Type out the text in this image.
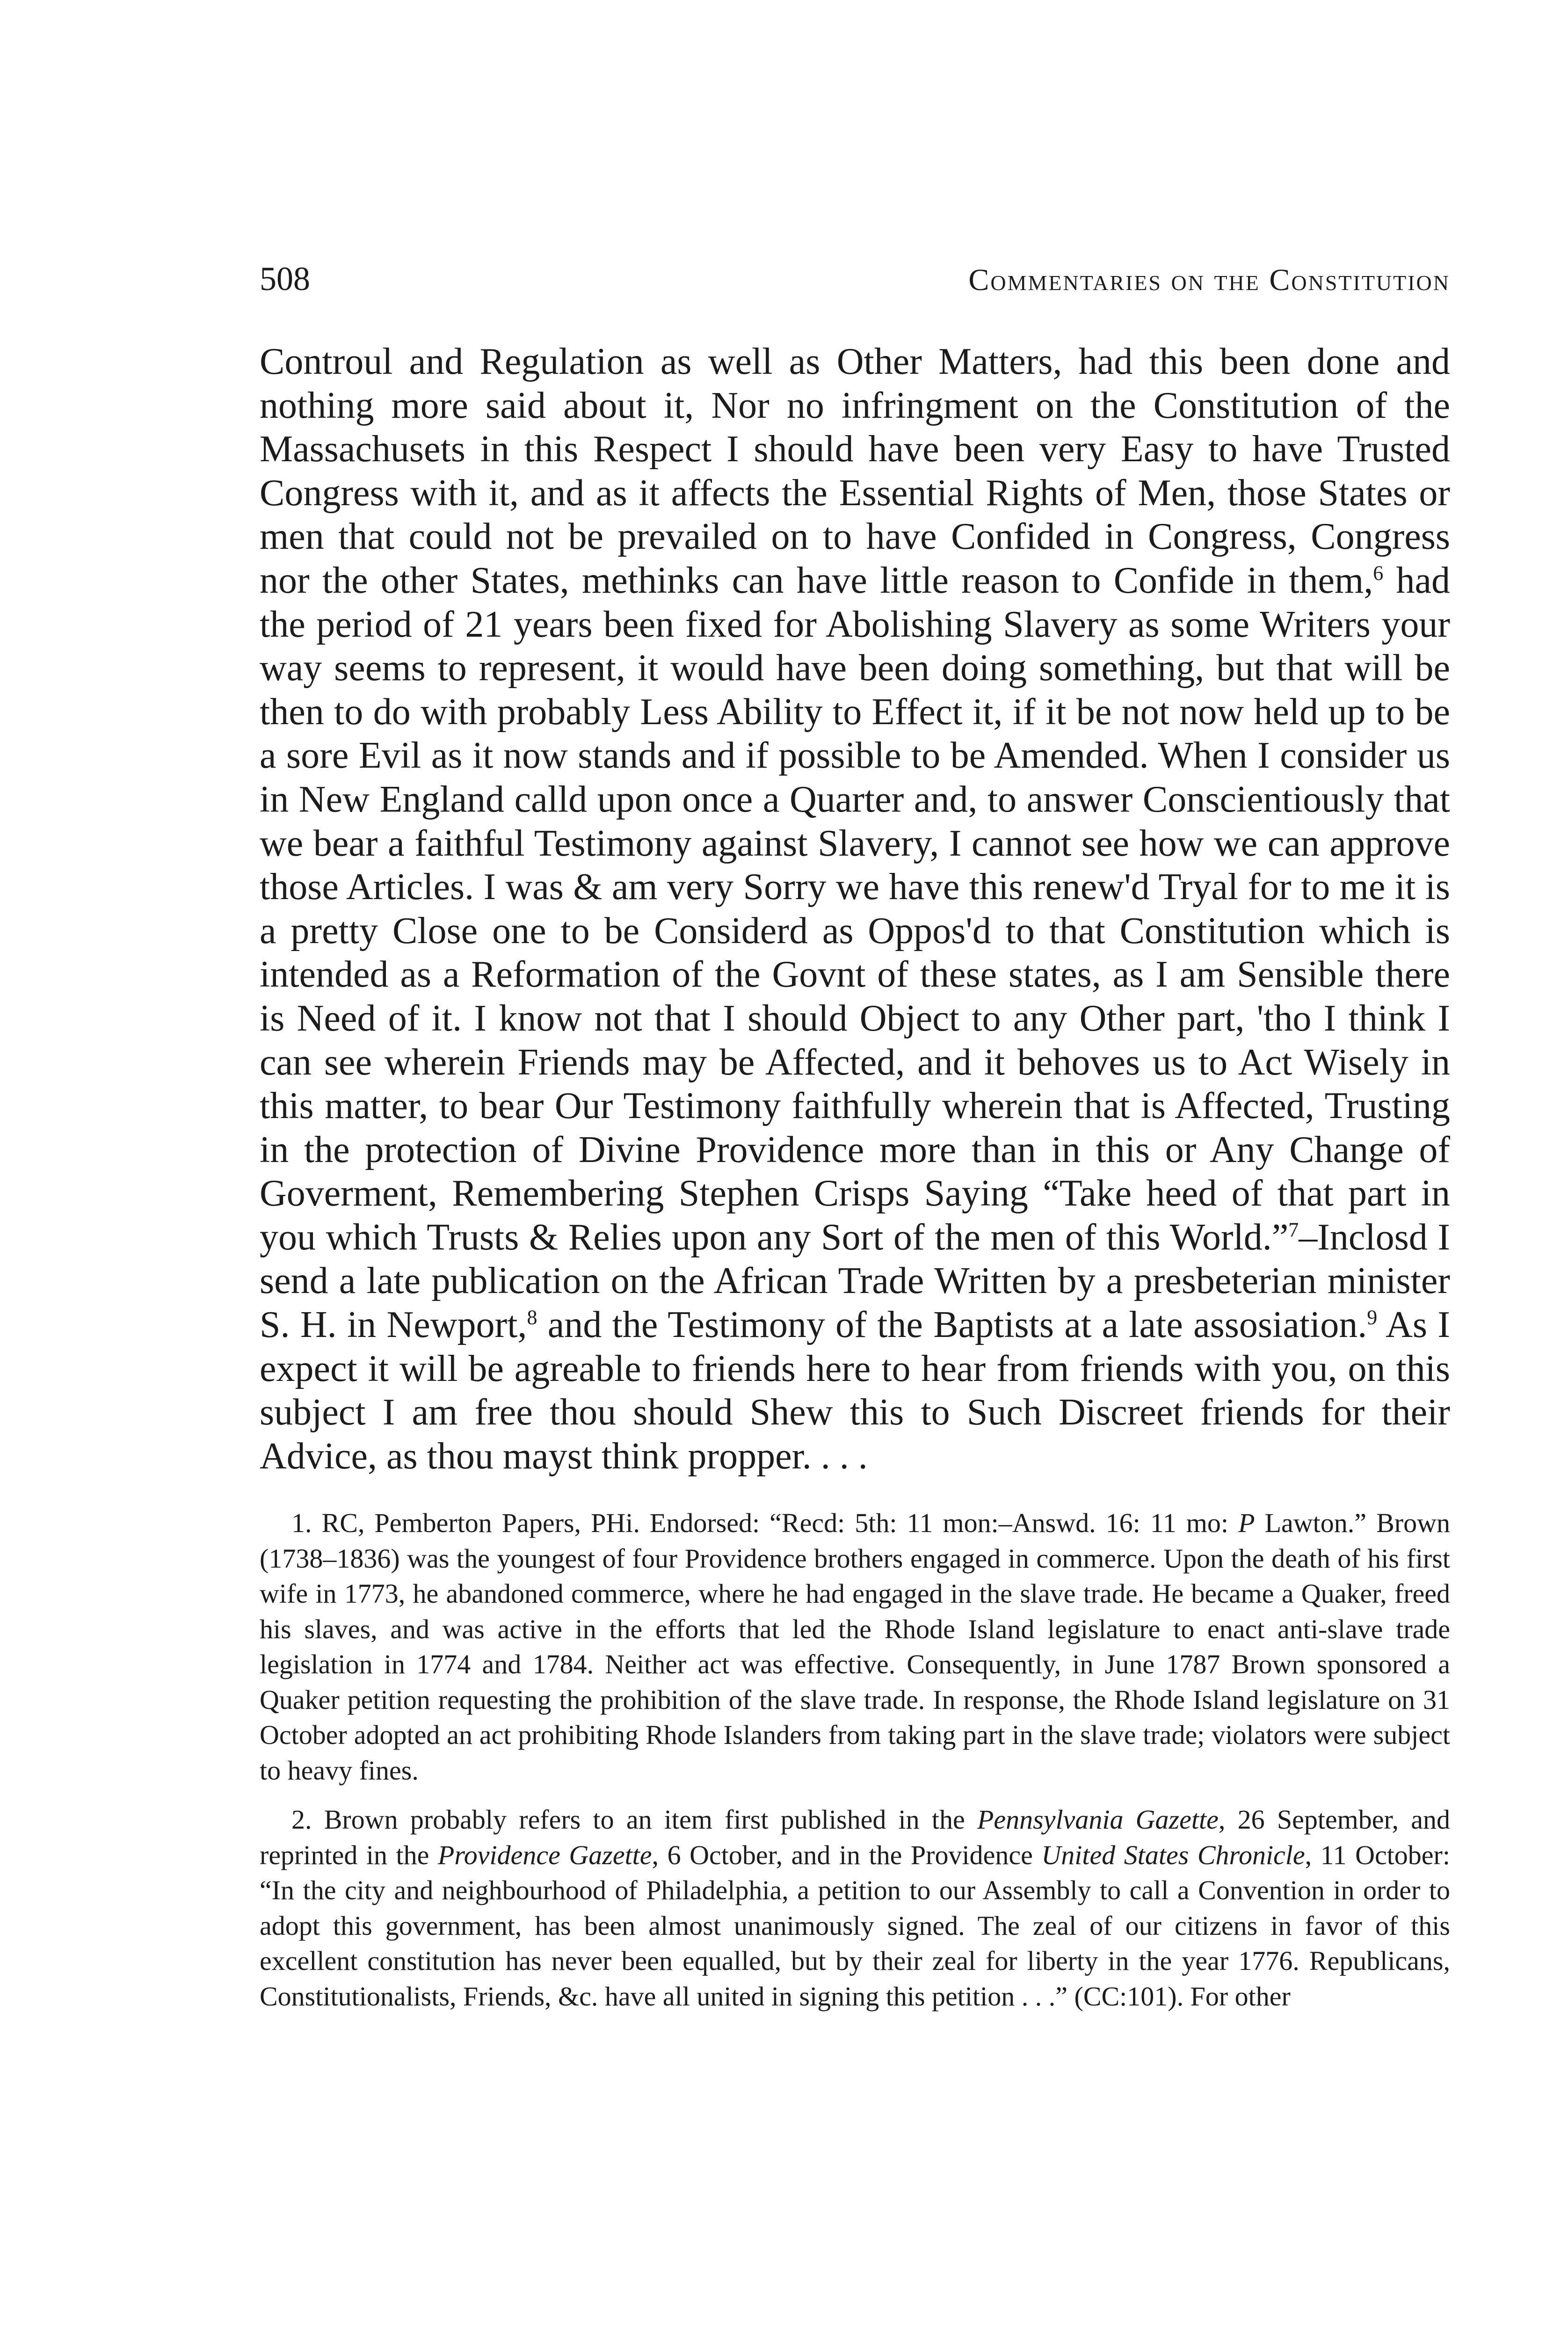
508	Commentaries on the Constitution

Controul and Regulation as well as Other Matters, had this been done and nothing more said about it, Nor no infringment on the Constitution of the Massachusets in this Respect I should have been very Easy to have Trusted Congress with it, and as it affects the Essential Rights of Men, those States or men that could not be prevailed on to have Confided in Congress, Congress nor the other States, methinks can have little reason to Confide in them,$^6$ had the period of 21 years been fixed for Abolishing Slavery as some Writers your way seems to represent, it would have been doing something, but that will be then to do with probably Less Ability to Effect it, if it be not now held up to be a sore Evil as it now stands and if possible to be Amended. When I consider us in New England calld upon once a Quarter and, to answer Conscientiously that we bear a faithful Testimony against Slavery, I cannot see how we can approve those Articles. I was & am very Sorry we have this renew'd Tryal for to me it is a pretty Close one to be Considerd as Oppos'd to that Constitution which is intended as a Reformation of the Govnt of these states, as I am Sensible there is Need of it. I know not that I should Object to any Other part, 'tho I think I can see wherein Friends may be Affected, and it behoves us to Act Wisely in this matter, to bear Our Testimony faithfully wherein that is Affected, Trusting in the protection of Divine Providence more than in this or Any Change of Goverment, Remembering Stephen Crisps Saying “Take heed of that part in you which Trusts & Relies upon any Sort of the men of this World.”$^7$–Inclosd I send a late publication on the African Trade Written by a presbeterian minister S. H. in Newport,$^8$ and the Testimony of the Baptists at a late assosiation.$^9$ As I expect it will be agreable to friends here to hear from friends with you, on this subject I am free thou should Shew this to Such Discreet friends for their Advice, as thou mayst think propper. . . .

1. RC, Pemberton Papers, PHi. Endorsed: “Recd: 5th: 11 mon:–Answd. 16: 11 mo: P Lawton.” Brown (1738–1836) was the youngest of four Providence brothers engaged in commerce. Upon the death of his first wife in 1773, he abandoned commerce, where he had engaged in the slave trade. He became a Quaker, freed his slaves, and was active in the efforts that led the Rhode Island legislature to enact anti-slave trade legislation in 1774 and 1784. Neither act was effective. Consequently, in June 1787 Brown sponsored a Quaker petition requesting the prohibition of the slave trade. In response, the Rhode Island legislature on 31 October adopted an act prohibiting Rhode Islanders from taking part in the slave trade; violators were subject to heavy fines.

2. Brown probably refers to an item first published in the Pennsylvania Gazette, 26 September, and reprinted in the Providence Gazette, 6 October, and in the Providence United States Chronicle, 11 October: “In the city and neighbourhood of Philadelphia, a petition to our Assembly to call a Convention in order to adopt this government, has been almost unanimously signed. The zeal of our citizens in favor of this excellent constitution has never been equalled, but by their zeal for liberty in the year 1776. Republicans, Constitutionalists, Friends, &c. have all united in signing this petition . . .” (CC:101). For other
